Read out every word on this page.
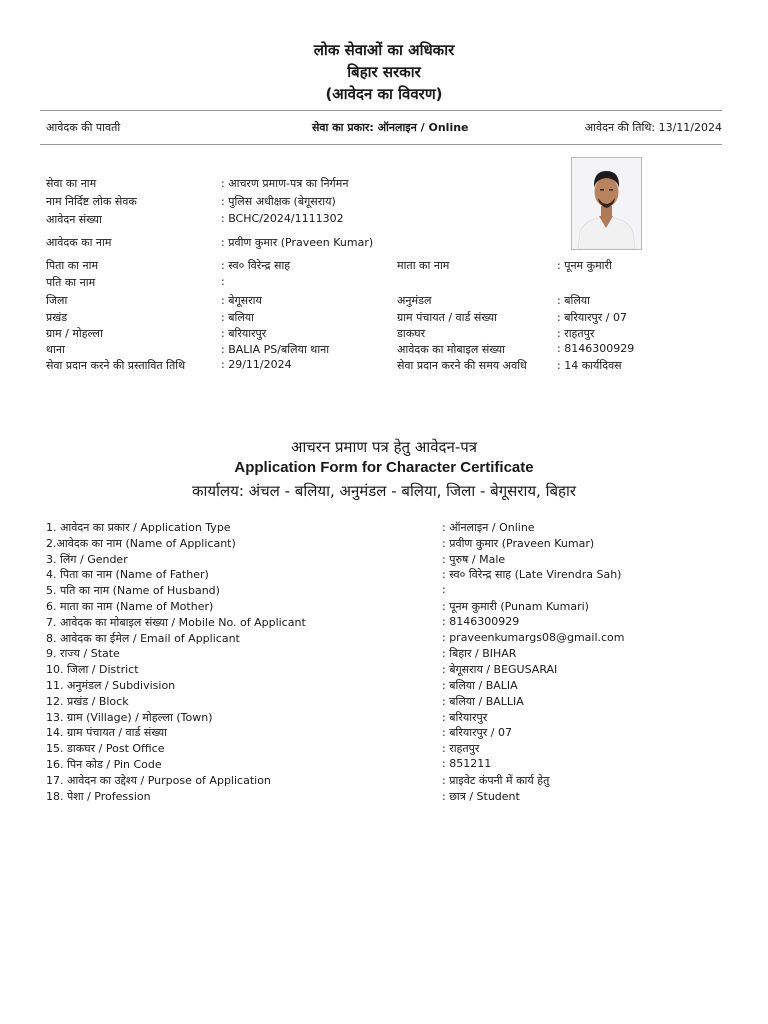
लोक सेवाओं का अधिकार
बिहार सरकार
(आवेदन का विवरण)
आवेदक की पावती	सेवा का प्रकार: ऑनलाइन / Online	आवेदन की तिथि: 13/11/2024
सेवा का नाम	: आचरण प्रमाण-पत्र का निर्गमन
नाम निर्दिष्ट लोक सेवक	: पुलिस अधीक्षक (बेगूसराय)
आवेदन संख्या	: BCHC/2024/1111302
आवेदक का नाम	: प्रवीण कुमार (Praveen Kumar)
पिता का नाम	: स्व० विरेन्द्र साह	माता का नाम	: पूनम कुमारी
पति का नाम	:
जिला	: बेगूसराय	अनुमंडल	: बलिया
प्रखंड	: बलिया	ग्राम पंचायत / वार्ड संख्या	: बरियारपुर / 07
ग्राम / मोहल्ला	: बरियारपुर	डाकघर	: राहतपुर
थाना	: BALIA PS/बलिया थाना	आवेदक का मोबाइल संख्या	: 8146300929
सेवा प्रदान करने की प्रस्तावित तिथि	: 29/11/2024	सेवा प्रदान करने की समय अवधि	: 14 कार्यदिवस
आचरन प्रमाण पत्र हेतु आवेदन-पत्र
Application Form for Character Certificate
कार्यालय: अंचल - बलिया, अनुमंडल - बलिया, जिला - बेगूसराय, बिहार
1. आवेदन का प्रकार / Application Type	: ऑनलाइन / Online
2.आवेदक का नाम (Name of Applicant)	: प्रवीण कुमार (Praveen Kumar)
3. लिंग / Gender	: पुरुष / Male
4. पिता का नाम (Name of Father)	: स्व० विरेन्द्र साह (Late Virendra Sah)
5. पति का नाम (Name of Husband)	:
6. माता का नाम (Name of Mother)	: पूनम कुमारी (Punam Kumari)
7. आवेदक का मोबाइल संख्या / Mobile No. of Applicant	: 8146300929
8. आवेदक का ईमेल / Email of Applicant	: praveenkumargs08@gmail.com
9. राज्य / State	: बिहार / BIHAR
10. जिला / District	: बेगूसराय / BEGUSARAI
11. अनुमंडल / Subdivision	: बलिया / BALIA
12. प्रखंड / Block	: बलिया / BALLIA
13. ग्राम (Village) / मोहल्ला (Town)	: बरियारपुर
14. ग्राम पंचायत / वार्ड संख्या	: बरियारपुर / 07
15. डाकघर / Post Office	: राहतपुर
16. पिन कोड / Pin Code	: 851211
17. आवेदन का उद्देश्य / Purpose of Application	: प्राइवेट कंपनी में कार्य हेतु
18. पेशा / Profession	: छात्र / Student
